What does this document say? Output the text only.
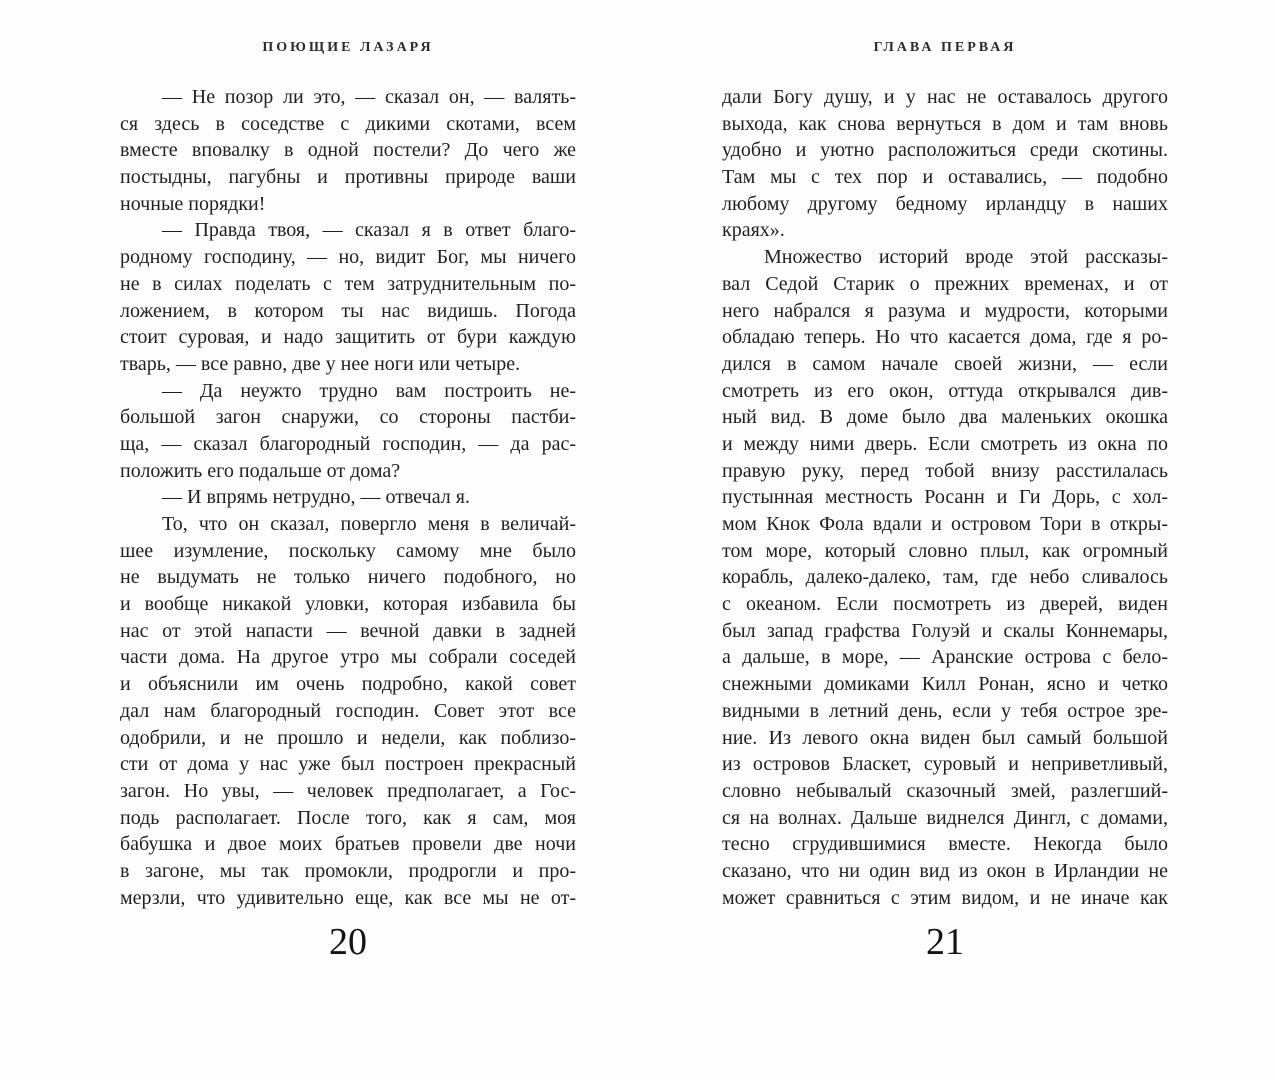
ПОЮЩИЕ ЛАЗАРЯ
— Не позор ли это, — сказал он, — валять-
ся здесь в соседстве с дикими скотами, всем
вместе вповалку в одной постели? До чего же
постыдны, пагубны и противны природе ваши
ночные порядки!
— Правда твоя, — сказал я в ответ благо-
родному господину, — но, видит Бог, мы ничего
не в силах поделать с тем затруднительным по-
ложением, в котором ты нас видишь. Погода
стоит суровая, и надо защитить от бури каждую
тварь, — все равно, две у нее ноги или четыре.
— Да неужто трудно вам построить не-
большой загон снаружи, со стороны пастби-
ща, — сказал благородный господин, — да рас-
положить его подальше от дома?
— И впрямь нетрудно, — отвечал я.
То, что он сказал, повергло меня в величай-
шее изумление, поскольку самому мне было
не выдумать не только ничего подобного, но
и вообще никакой уловки, которая избавила бы
нас от этой напасти — вечной давки в задней
части дома. На другое утро мы собрали соседей
и объяснили им очень подробно, какой совет
дал нам благородный господин. Совет этот все
одобрили, и не прошло и недели, как поблизо-
сти от дома у нас уже был построен прекрасный
загон. Но увы, — человек предполагает, а Гос-
подь располагает. После того, как я сам, моя
бабушка и двое моих братьев провели две ночи
в загоне, мы так промокли, продрогли и про-
мерзли, что удивительно еще, как все мы не от-
20
ГЛАВА ПЕРВАЯ
дали Богу душу, и у нас не оставалось другого
выхода, как снова вернуться в дом и там вновь
удобно и уютно расположиться среди скотины.
Там мы с тех пор и оставались, — подобно
любому другому бедному ирландцу в наших
краях».
Множество историй вроде этой рассказы-
вал Седой Старик о прежних временах, и от
него набрался я разума и мудрости, которыми
обладаю теперь. Но что касается дома, где я ро-
дился в самом начале своей жизни, — если
смотреть из его окон, оттуда открывался див-
ный вид. В доме было два маленьких окошка
и между ними дверь. Если смотреть из окна по
правую руку, перед тобой внизу расстилалась
пустынная местность Росанн и Ги Дорь, с хол-
мом Кнок Фола вдали и островом Тори в откры-
том море, который словно плыл, как огромный
корабль, далеко-далеко, там, где небо сливалось
с океаном. Если посмотреть из дверей, виден
был запад графства Голуэй и скалы Коннемары,
а дальше, в море, — Аранские острова с бело-
снежными домиками Килл Ронан, ясно и четко
видными в летний день, если у тебя острое зре-
ние. Из левого окна виден был самый большой
из островов Бласкет, суровый и неприветливый,
словно небывалый сказочный змей, разлегший-
ся на волнах. Дальше виднелся Дингл, с домами,
тесно сгрудившимися вместе. Некогда было
сказано, что ни один вид из окон в Ирландии не
может сравниться с этим видом, и не иначе как
21
